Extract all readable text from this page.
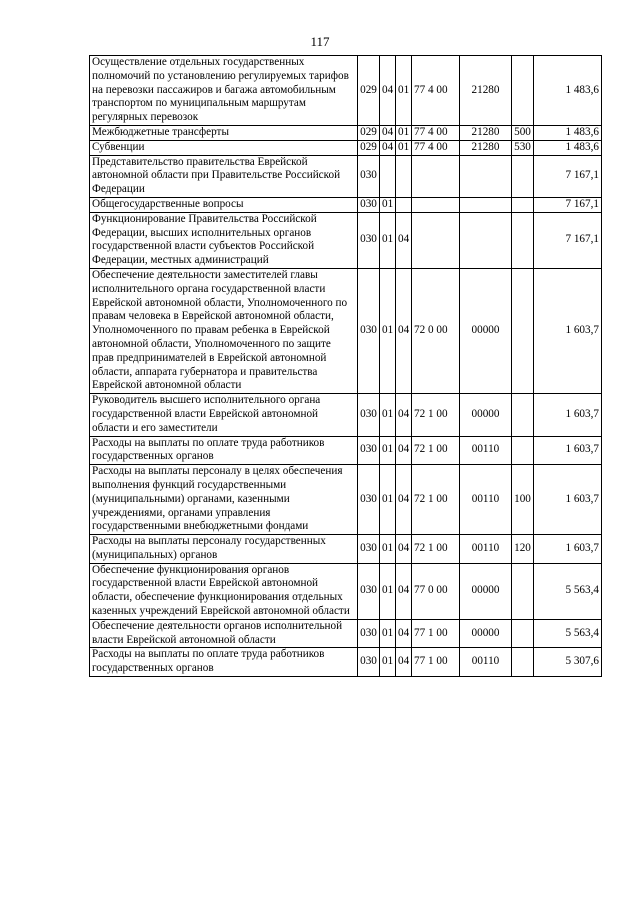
117
Осуществление отдельных государственных полномочий по установлению регулируемых тарифов на перевозки пассажиров и багажа автомобильным транспортом по муниципальным маршрутам регулярных перевозок	029	04	01	77 4 00	21280		1 483,6
Межбюджетные трансферты	029	04	01	77 4 00	21280	500	1 483,6
Субвенции	029	04	01	77 4 00	21280	530	1 483,6
Представительство правительства Еврейской автономной области при Правительстве Российской Федерации	030						7 167,1
Общегосударственные вопросы	030	01					7 167,1
Функционирование Правительства Российской Федерации, высших исполнительных органов государственной власти субъектов Российской Федерации, местных администраций	030	01	04				7 167,1
Обеспечение деятельности заместителей главы исполнительного органа государственной власти Еврейской автономной области, Уполномоченного по правам человека в Еврейской автономной области, Уполномоченного по правам ребенка в Еврейской автономной области, Уполномоченного по защите прав предпринимателей в Еврейской автономной области, аппарата губернатора и правительства Еврейской автономной области	030	01	04	72 0 00	00000		1 603,7
Руководитель высшего исполнительного органа государственной власти Еврейской автономной области и его заместители	030	01	04	72 1 00	00000		1 603,7
Расходы на выплаты по оплате труда работников государственных органов	030	01	04	72 1 00	00110		1 603,7
Расходы на выплаты персоналу в целях обеспечения выполнения функций государственными (муниципальными) органами, казенными учреждениями, органами управления государственными внебюджетными фондами	030	01	04	72 1 00	00110	100	1 603,7
Расходы на выплаты персоналу государственных (муниципальных) органов	030	01	04	72 1 00	00110	120	1 603,7
Обеспечение функционирования органов государственной власти Еврейской автономной области, обеспечение функционирования отдельных казенных учреждений Еврейской автономной области	030	01	04	77 0 00	00000		5 563,4
Обеспечение деятельности органов исполнительной власти Еврейской автономной области	030	01	04	77 1 00	00000		5 563,4
Расходы на выплаты по оплате труда работников государственных органов	030	01	04	77 1 00	00110		5 307,6
